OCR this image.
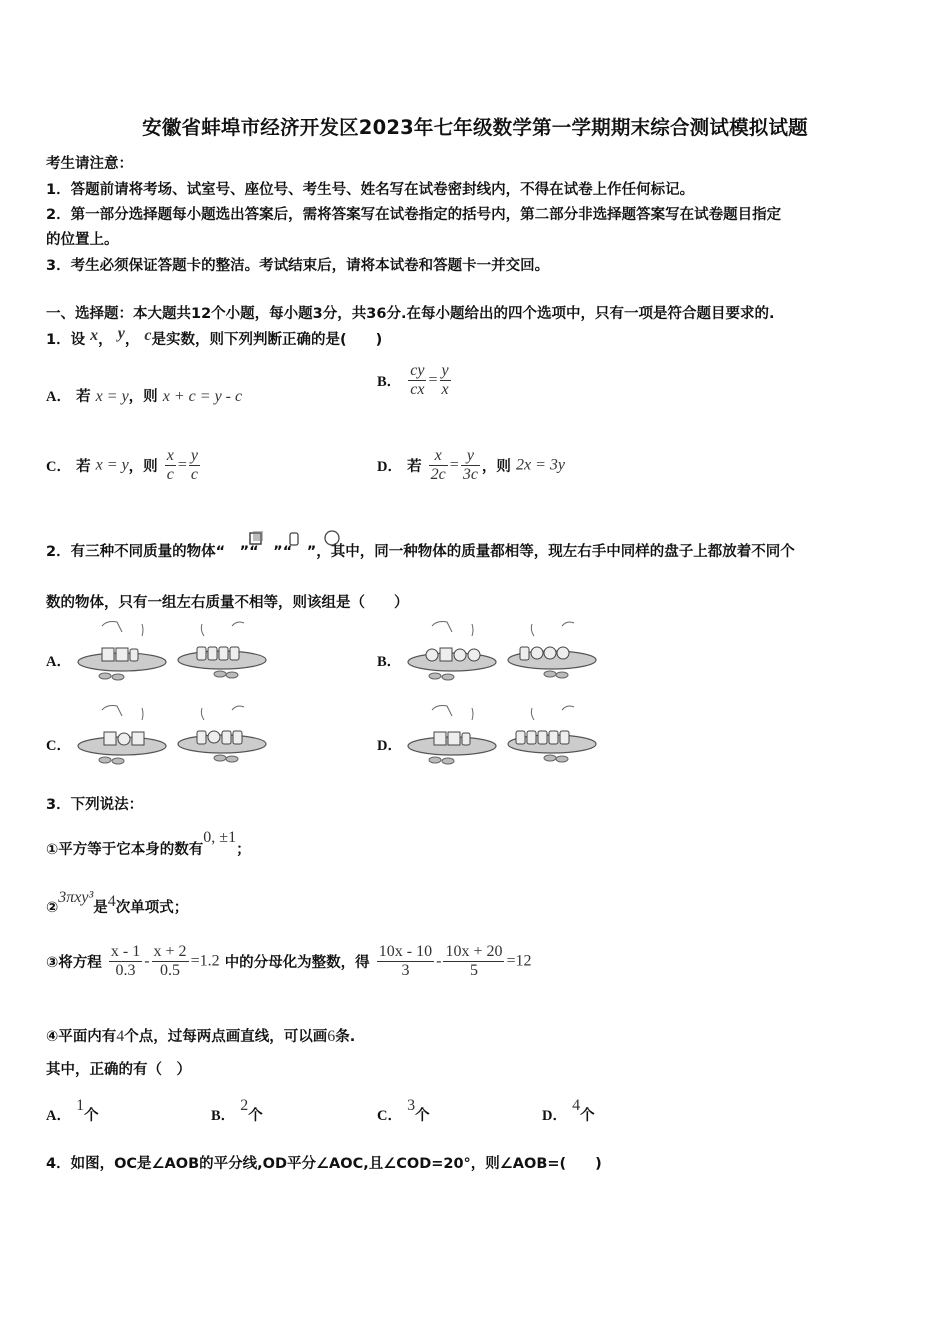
安徽省蚌埠市经济开发区2023年七年级数学第一学期期末综合测试模拟试题
考生请注意：
1．答题前请将考场、试室号、座位号、考生号、姓名写在试卷密封线内，不得在试卷上作任何标记。
2．第一部分选择题每小题选出答案后，需将答案写在试卷指定的括号内，第二部分非选择题答案写在试卷题目指定
的位置上。
3．考生必须保证答题卡的整洁。考试结束后，请将本试卷和答题卡一并交回。
一、选择题：本大题共12个小题，每小题3分，共36分.在每小题给出的四个选项中，只有一项是符合题目要求的.
1．设 x， y， c是实数，则下列判断正确的是(　　)
A． 若 x = y，则 x + c = y - c
B． $\frac{cy}{cx} = \frac{y}{x}$
C． 若 x = y，则 $\frac{x}{c} = \frac{y}{c}$	D． 若 $\frac{x}{2c} = \frac{y}{3c}$ ，则 2x = 3y
2．有三种不同质量的物体“　”“　”“　”，其中，同一种物体的质量都相等，现左右手中同样的盘子上都放着不同个
数的物体，只有一组左右质量不相等，则该组是（　　）
A．	B．
C．	D．
3．下列说法：
①平方等于它本身的数有0, ±1；
②3πxy³是4次单项式；
③将方程 $\frac{x - 1}{0.3} - \frac{x + 2}{0.5} =1.2$ 中的分母化为整数，得 $\frac{10x - 10}{3} - \frac{10x + 20}{5} =12$
④平面内有4个点，过每两点画直线，可以画6条.
其中，正确的有（　）
A． 1个	B． 2个	C． 3个	D． 4个
4．如图，OC是∠AOB的平分线,OD平分∠AOC,且∠COD=20°，则∠AOB=(　　)
